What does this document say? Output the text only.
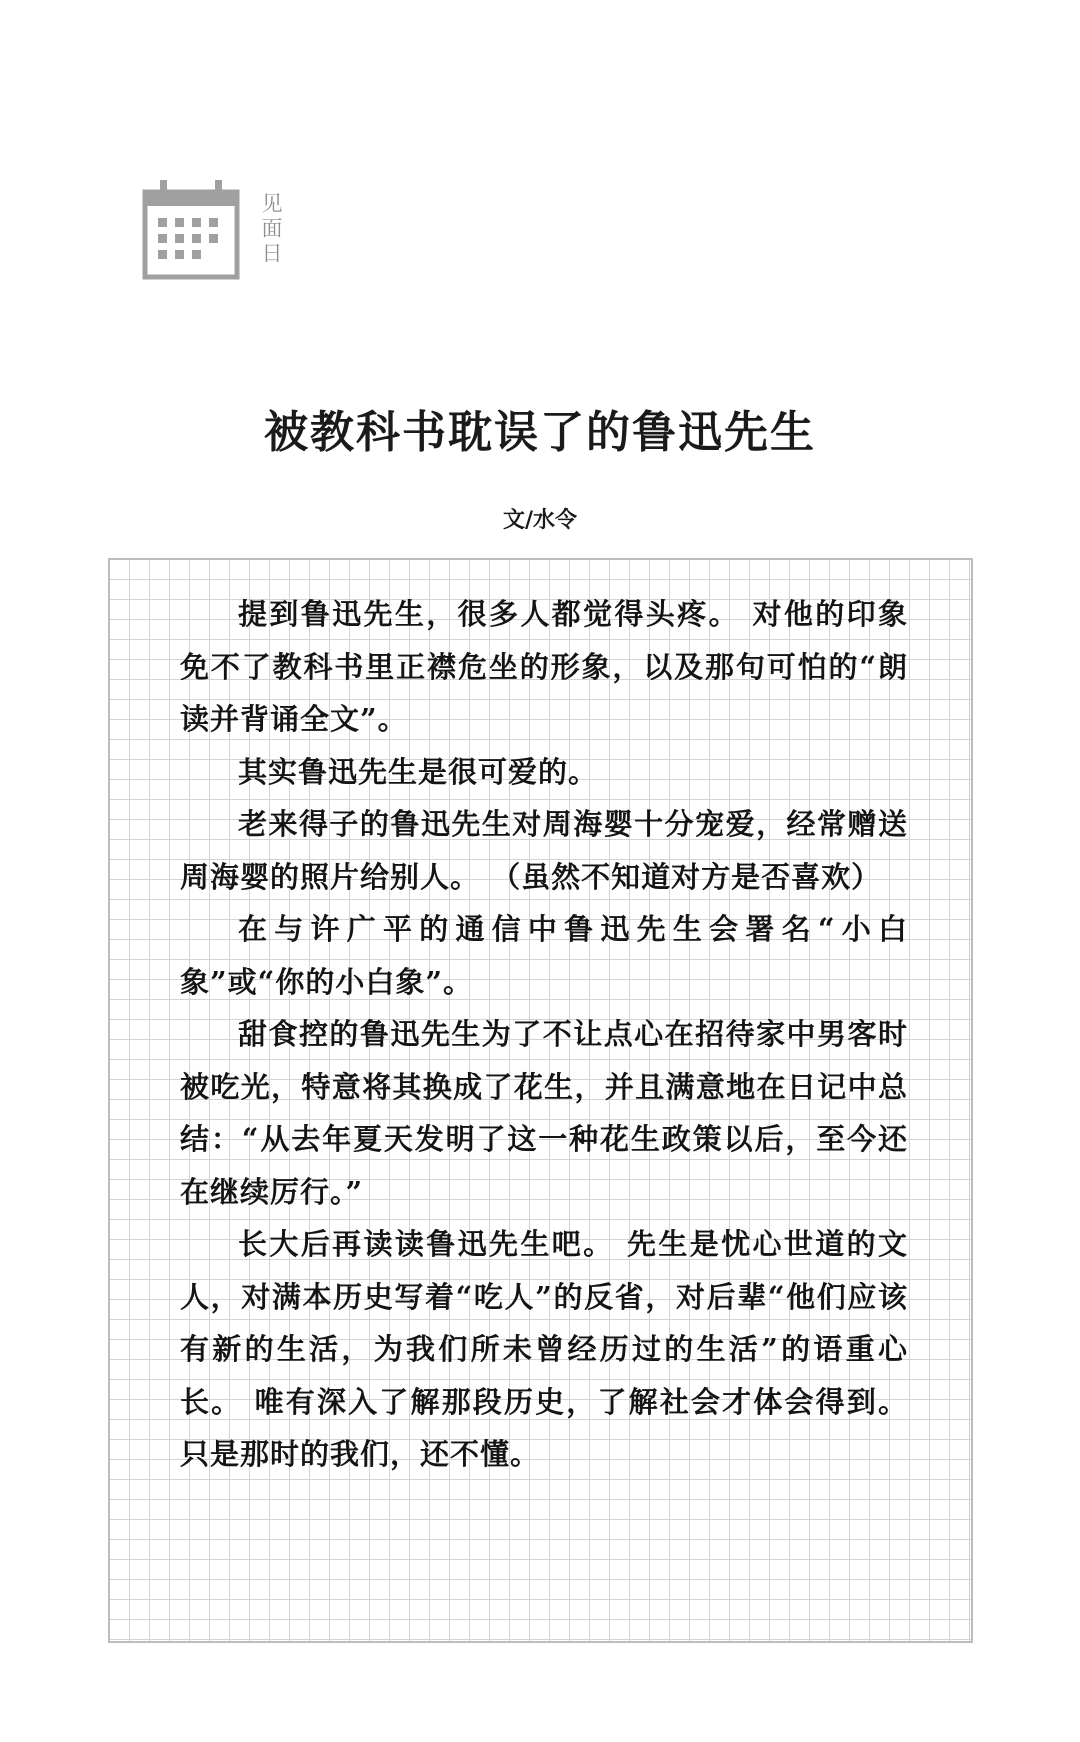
见面日
被教科书耽误了的鲁迅先生
文/水令

提到鲁迅先生，很多人都觉得头疼。 对他的印象免不了教科书里正襟危坐的形象，以及那句可怕的“朗读并背诵全文”。

其实鲁迅先生是很可爱的。

老来得子的鲁迅先生对周海婴十分宠爱，经常赠送周海婴的照片给别人。 （虽然不知道对方是否喜欢）

在与许广平的通信中鲁迅先生会署名“小白象”或“你的小白象”。

甜食控的鲁迅先生为了不让点心在招待家中男客时被吃光，特意将其换成了花生，并且满意地在日记中总结：“从去年夏天发明了这一种花生政策以后，至今还在继续厉行。”

长大后再读读鲁迅先生吧。 先生是忧心世道的文人，对满本历史写着“吃人”的反省，对后辈“他们应该有新的生活，为我们所未曾经历过的生活”的语重心长。 唯有深入了解那段历史，了解社会才体会得到。 只是那时的我们，还不懂。
